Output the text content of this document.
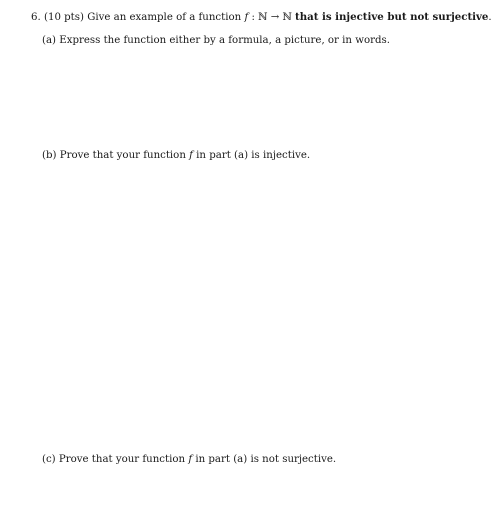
6. (10 pts) Give an example of a function f : ℕ → ℕ that is injective but not surjective.
(a) Express the function either by a formula, a picture, or in words.
(b) Prove that your function f in part (a) is injective.
(c) Prove that your function f in part (a) is not surjective.
